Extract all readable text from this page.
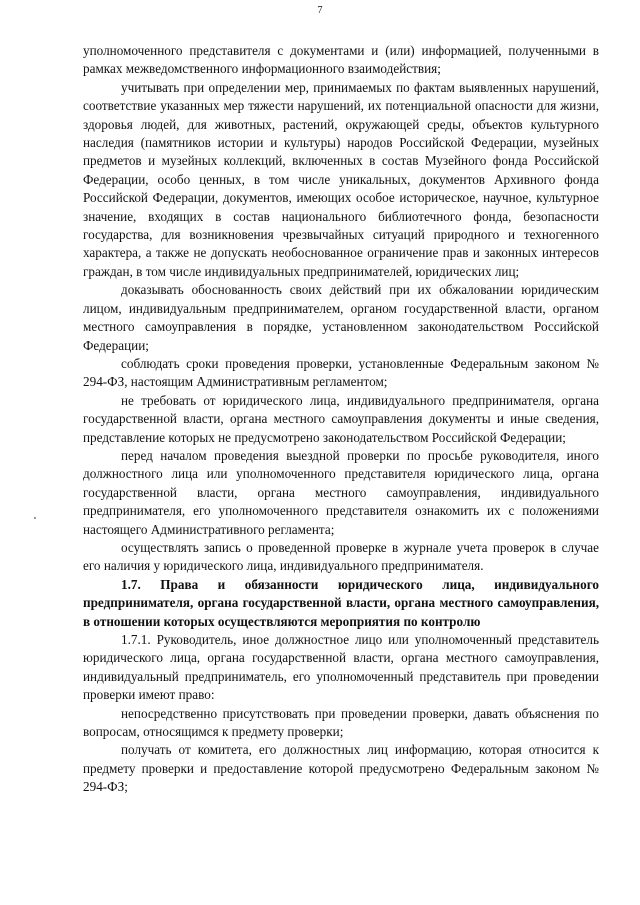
7

уполномоченного представителя с документами и (или) информацией, полученными в рамках межведомственного информационного взаимодействия;

учитывать при определении мер, принимаемых по фактам выявленных нарушений, соответствие указанных мер тяжести нарушений, их потенциальной опасности для жизни, здоровья людей, для животных, растений, окружающей среды, объектов культурного наследия (памятников истории и культуры) народов Российской Федерации, музейных предметов и музейных коллекций, включенных в состав Музейного фонда Российской Федерации, особо ценных, в том числе уникальных, документов Архивного фонда Российской Федерации, документов, имеющих особое историческое, научное, культурное значение, входящих в состав национального библиотечного фонда, безопасности государства, для возникновения чрезвычайных ситуаций природного и техногенного характера, а также не допускать необоснованное ограничение прав и законных интересов граждан, в том числе индивидуальных предпринимателей, юридических лиц;

доказывать обоснованность своих действий при их обжаловании юридическим лицом, индивидуальным предпринимателем, органом государственной власти, органом местного самоуправления в порядке, установленном законодательством Российской Федерации;

соблюдать сроки проведения проверки, установленные Федеральным законом № 294-ФЗ, настоящим Административным регламентом;

не требовать от юридического лица, индивидуального предпринимателя, органа государственной власти, органа местного самоуправления документы и иные сведения, представление которых не предусмотрено законодательством Российской Федерации;

перед началом проведения выездной проверки по просьбе руководителя, иного должностного лица или уполномоченного представителя юридического лица, органа государственной власти, органа местного самоуправления, индивидуального предпринимателя, его уполномоченного представителя ознакомить их с положениями настоящего Административного регламента;

осуществлять запись о проведенной проверке в журнале учета проверок в случае его наличия у юридического лица, индивидуального предпринимателя.

1.7. Права и обязанности юридического лица, индивидуального предпринимателя, органа государственной власти, органа местного самоуправления, в отношении которых осуществляются мероприятия по контролю

1.7.1. Руководитель, иное должностное лицо или уполномоченный представитель юридического лица, органа государственной власти, органа местного самоуправления, индивидуальный предприниматель, его уполномоченный представитель при проведении проверки имеют право:

непосредственно присутствовать при проведении проверки, давать объяснения по вопросам, относящимся к предмету проверки;

получать от комитета, его должностных лиц информацию, которая относится к предмету проверки и предоставление которой предусмотрено Федеральным законом № 294-ФЗ;
